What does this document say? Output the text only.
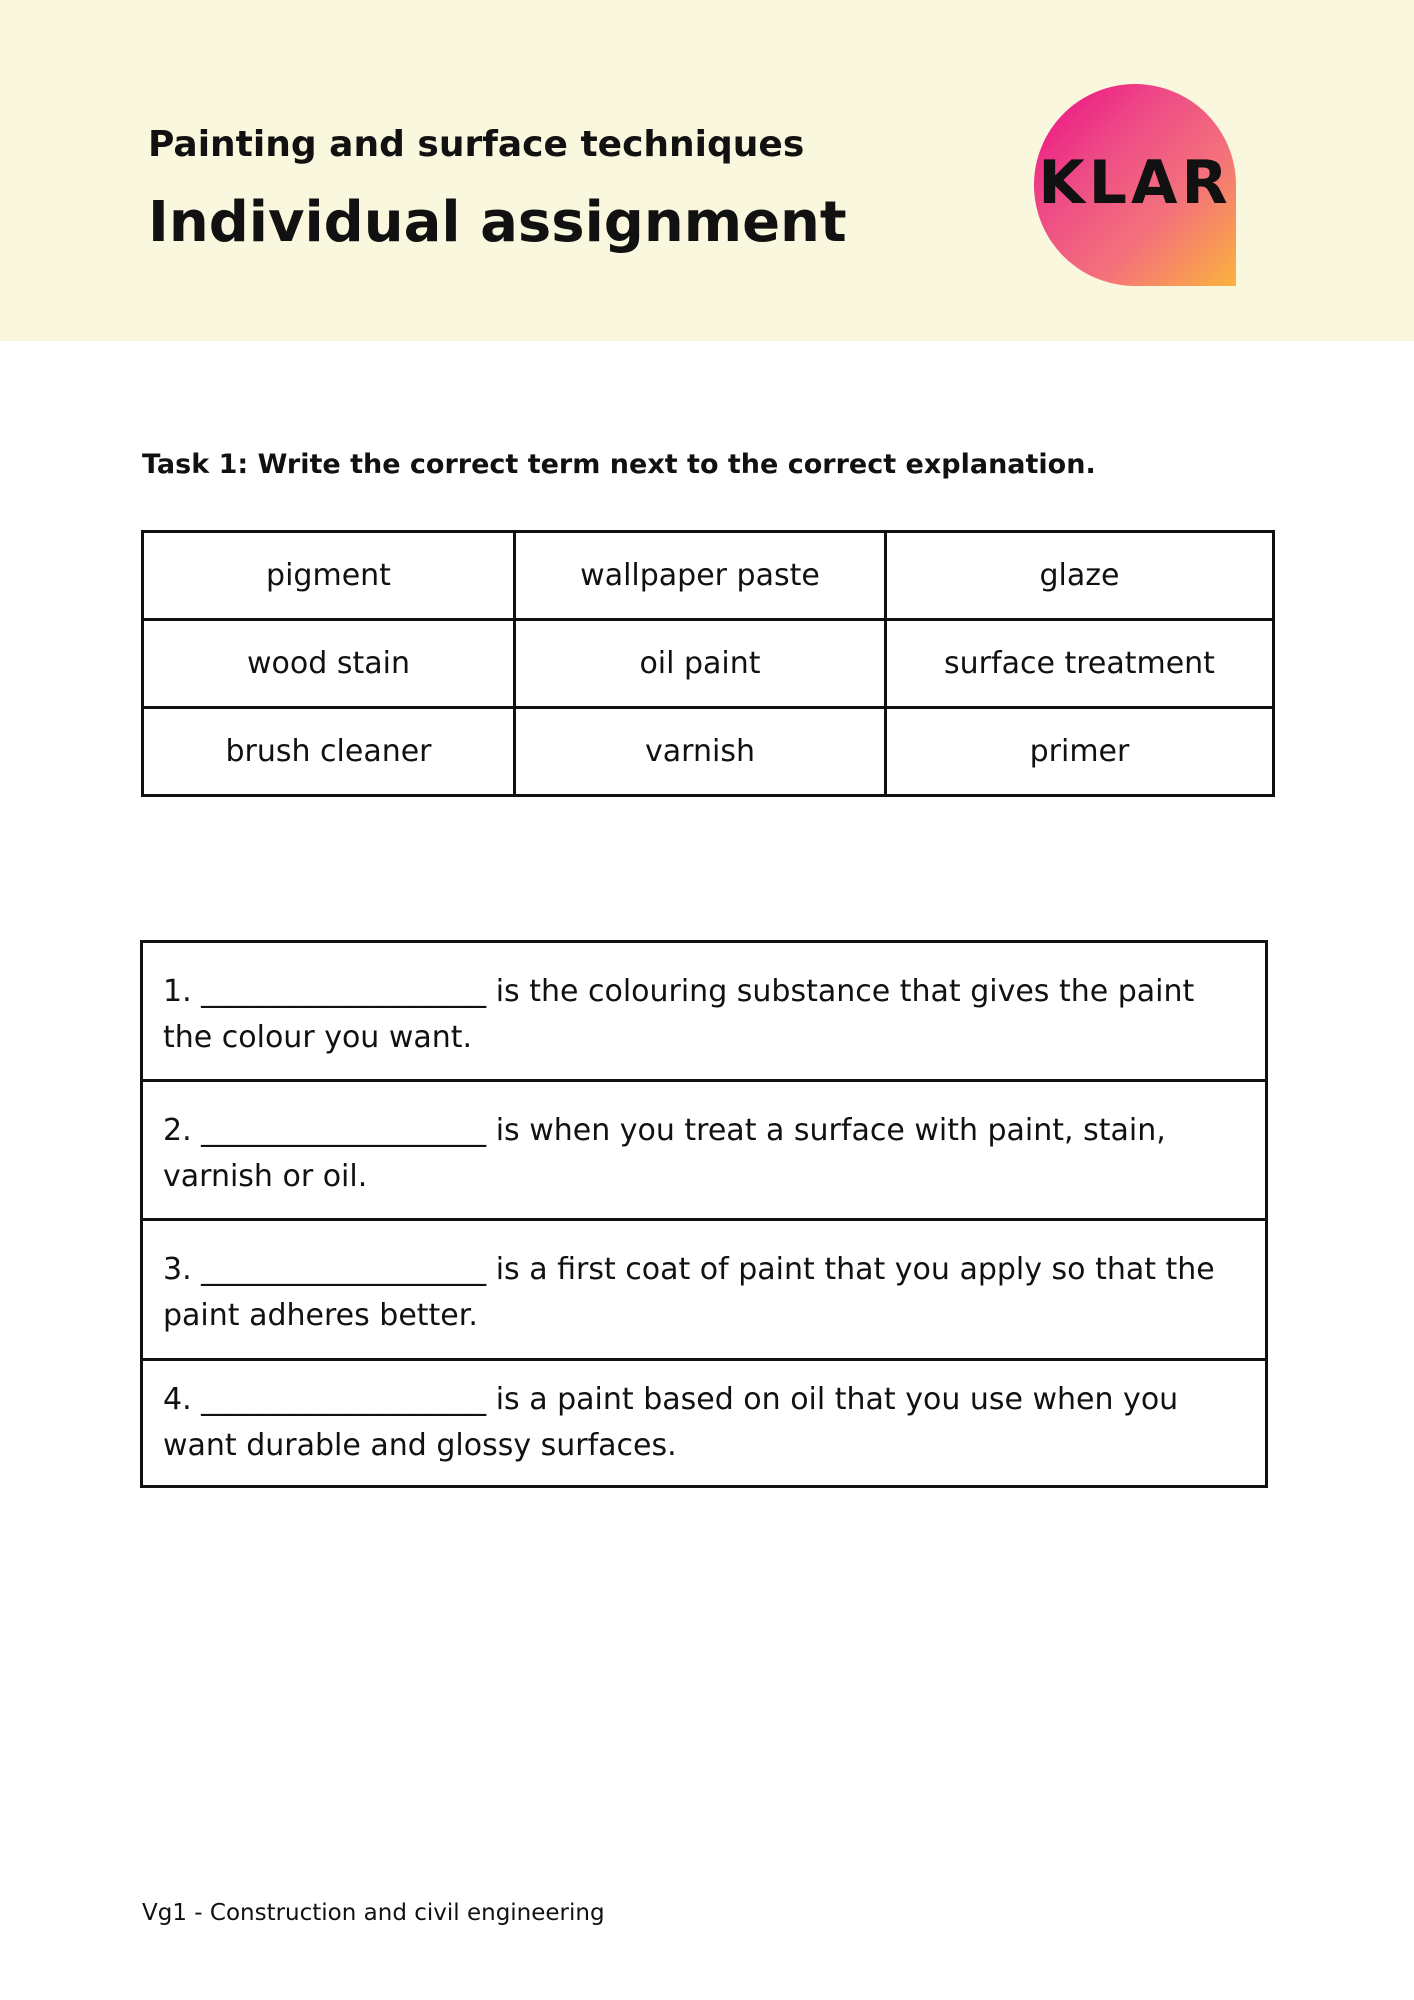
Painting and surface techniques
Individual assignment
KLAR
Task 1: Write the correct term next to the correct explanation.
pigment	wallpaper paste	glaze
wood stain	oil paint	surface treatment
brush cleaner	varnish	primer
1. ___________________ is the colouring substance that gives the paint the colour you want.
2. ___________________ is when you treat a surface with paint, stain, varnish or oil.
3. ___________________ is a first coat of paint that you apply so that the paint adheres better.
4. ___________________ is a paint based on oil that you use when you want durable and glossy surfaces.
Vg1 - Construction and civil engineering
